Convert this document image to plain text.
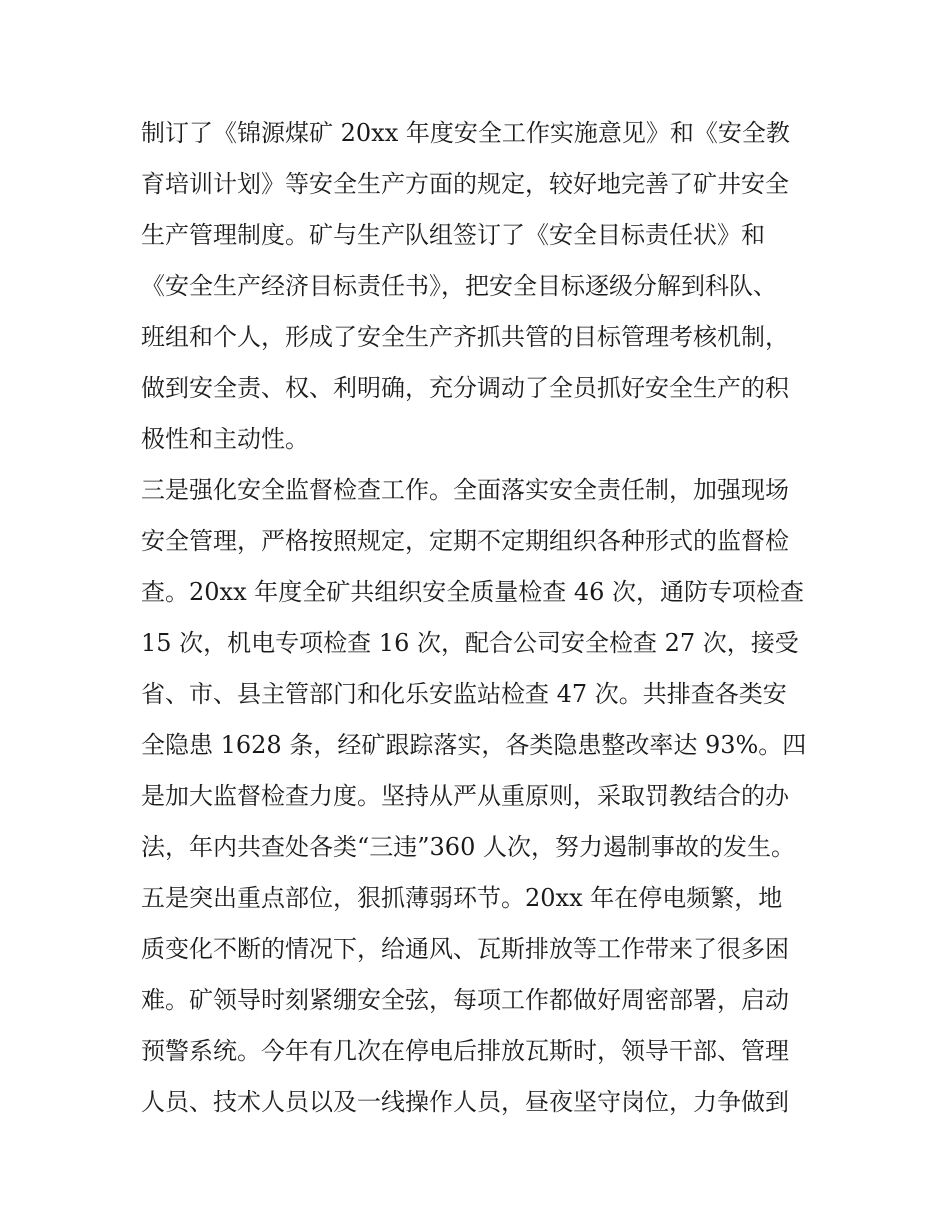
制订了《锦源煤矿 20xx 年度安全工作实施意见》和《安全教
育培训计划》等安全生产方面的规定，较好地完善了矿井安全
生产管理制度。矿与生产队组签订了《安全目标责任状》和
《安全生产经济目标责任书》，把安全目标逐级分解到科队、
班组和个人，形成了安全生产齐抓共管的目标管理考核机制，
做到安全责、权、利明确，充分调动了全员抓好安全生产的积
极性和主动性。
三是强化安全监督检查工作。全面落实安全责任制，加强现场
安全管理，严格按照规定，定期不定期组织各种形式的监督检
查。20xx 年度全矿共组织安全质量检查 46 次，通防专项检查
15 次，机电专项检查 16 次，配合公司安全检查 27 次，接受
省、市、县主管部门和化乐安监站检查 47 次。共排查各类安
全隐患 1628 条，经矿跟踪落实，各类隐患整改率达 93%。四
是加大监督检查力度。坚持从严从重原则，采取罚教结合的办
法，年内共查处各类“三违”360 人次，努力遏制事故的发生。
五是突出重点部位，狠抓薄弱环节。20xx 年在停电频繁，地
质变化不断的情况下，给通风、瓦斯排放等工作带来了很多困
难。矿领导时刻紧绷安全弦，每项工作都做好周密部署，启动
预警系统。今年有几次在停电后排放瓦斯时，领导干部、管理
人员、技术人员以及一线操作人员，昼夜坚守岗位，力争做到
